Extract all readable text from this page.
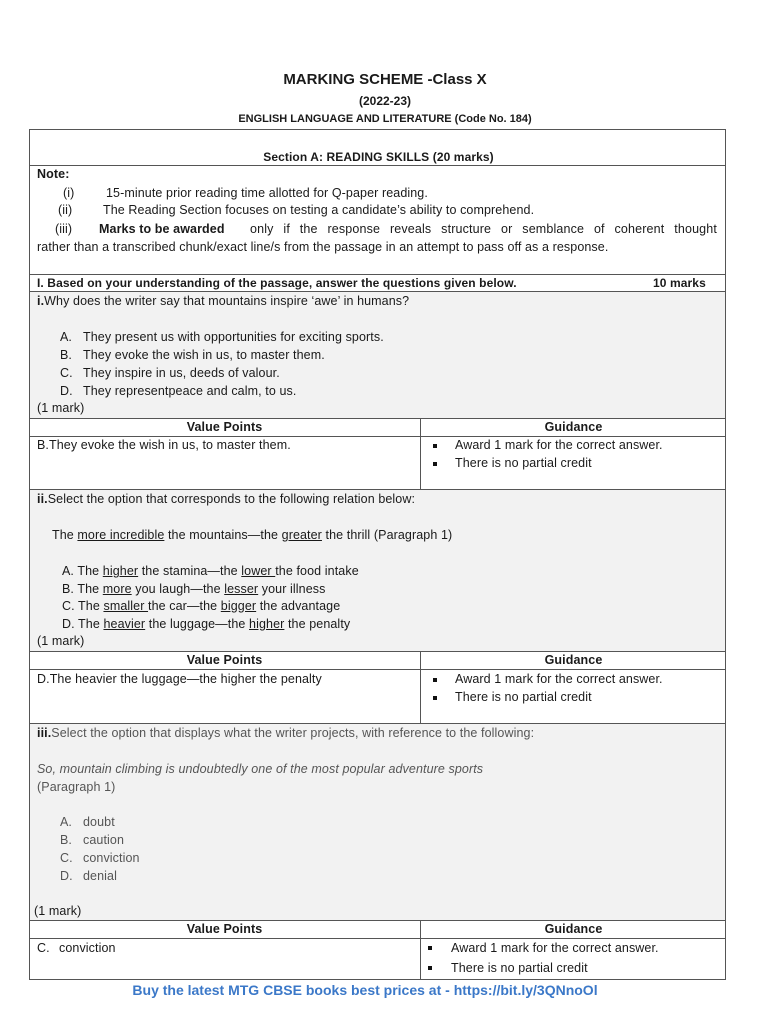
MARKING SCHEME -Class X
(2022-23)
ENGLISH LANGUAGE AND LITERATURE (Code No. 184)
Section A: READING SKILLS (20 marks)
Note:
(i)	15-minute prior reading time allotted for Q-paper reading.
(ii) The Reading Section focuses on testing a candidate’s ability to comprehend.
(iii) Marks to be awarded only if the response reveals structure or semblance of coherent thought
rather than a transcribed chunk/exact line/s from the passage in an attempt to pass off as a response.
I. Based on your understanding of the passage, answer the questions given below.	10 marks
i.Why does the writer say that mountains inspire ‘awe’ in humans?
A. They present us with opportunities for exciting sports.
B. They evoke the wish in us, to master them.
C. They inspire in us, deeds of valour.
D. They representpeace and calm, to us.
(1 mark)
Value Points	Guidance
B.They evoke the wish in us, to master them.	Award 1 mark for the correct answer.
There is no partial credit
ii.Select the option that corresponds to the following relation below:
The more incredible the mountains—the greater the thrill (Paragraph 1)
A. The higher the stamina—the lower the food intake
B. The more you laugh—the lesser your illness
C. The smaller the car—the bigger the advantage
D. The heavier the luggage—the higher the penalty
(1 mark)
Value Points	Guidance
D.The heavier the luggage—the higher the penalty	Award 1 mark for the correct answer.
There is no partial credit
iii.Select the option that displays what the writer projects, with reference to the following:
So, mountain climbing is undoubtedly one of the most popular adventure sports
(Paragraph 1)
A. doubt
B. caution
C. conviction
D. denial
(1 mark)
Value Points	Guidance
C. conviction	Award 1 mark for the correct answer.
There is no partial credit
Buy the latest MTG CBSE books best prices at - https://bit.ly/3QNnoOl
